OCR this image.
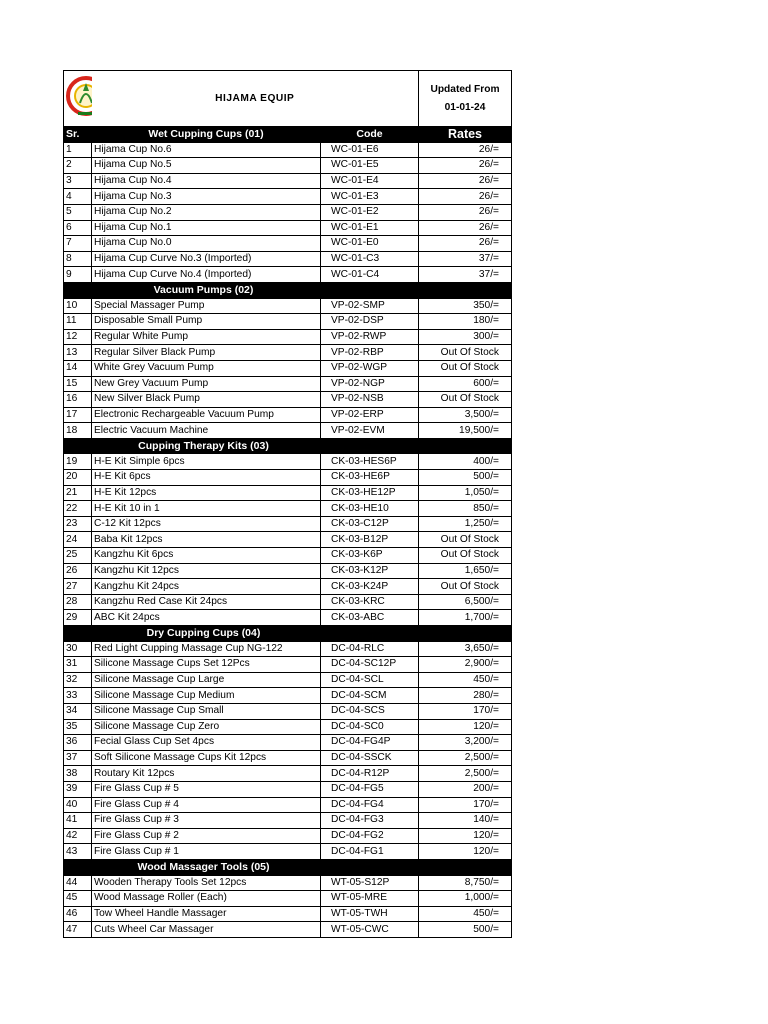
	HIJAMA EQUIP		Updated From
01-01-24

Sr.	Wet Cupping Cups (01)	Code	Rates
1	Hijama Cup No.6	WC-01-E6	26/=
2	Hijama Cup No.5	WC-01-E5	26/=
3	Hijama Cup No.4	WC-01-E4	26/=
4	Hijama Cup No.3	WC-01-E3	26/=
5	Hijama Cup No.2	WC-01-E2	26/=
6	Hijama Cup No.1	WC-01-E1	26/=
7	Hijama Cup No.0	WC-01-E0	26/=
8	Hijama Cup Curve No.3 (Imported)	WC-01-C3	37/=
9	Hijama Cup Curve No.4 (Imported)	WC-01-C4	37/=
Vacuum Pumps (02)			
10	Special Massager Pump	VP-02-SMP	350/=
11	Disposable Small Pump	VP-02-DSP	180/=
12	Regular White Pump	VP-02-RWP	300/=
13	Regular Silver Black Pump	VP-02-RBP	Out Of Stock
14	White Grey Vacuum Pump	VP-02-WGP	Out Of Stock
15	New Grey Vacuum Pump	VP-02-NGP	600/=
16	New Silver Black Pump	VP-02-NSB	Out Of Stock
17	Electronic Rechargeable Vacuum Pump	VP-02-ERP	3,500/=
18	Electric Vacuum Machine	VP-02-EVM	19,500/=
Cupping Therapy Kits (03)			
19	H-E Kit Simple 6pcs	CK-03-HES6P	400/=
20	H-E Kit 6pcs	CK-03-HE6P	500/=
21	H-E Kit 12pcs	CK-03-HE12P	1,050/=
22	H-E Kit 10 in 1	CK-03-HE10	850/=
23	C-12 Kit 12pcs	CK-03-C12P	1,250/=
24	Baba Kit 12pcs	CK-03-B12P	Out Of Stock
25	Kangzhu Kit 6pcs	CK-03-K6P	Out Of Stock
26	Kangzhu Kit 12pcs	CK-03-K12P	1,650/=
27	Kangzhu Kit 24pcs	CK-03-K24P	Out Of Stock
28	Kangzhu Red Case Kit 24pcs	CK-03-KRC	6,500/=
29	ABC Kit 24pcs	CK-03-ABC	1,700/=
Dry Cupping Cups (04)			
30	Red Light Cupping Massage Cup NG-122	DC-04-RLC	3,650/=
31	Silicone Massage Cups Set 12Pcs	DC-04-SC12P	2,900/=
32	Silicone Massage Cup Large	DC-04-SCL	450/=
33	Silicone Massage Cup Medium	DC-04-SCM	280/=
34	Silicone Massage Cup Small	DC-04-SCS	170/=
35	Silicone Massage Cup Zero	DC-04-SC0	120/=
36	Fecial Glass Cup Set 4pcs	DC-04-FG4P	3,200/=
37	Soft Silicone Massage Cups Kit 12pcs	DC-04-SSCK	2,500/=
38	Routary Kit 12pcs	DC-04-R12P	2,500/=
39	Fire Glass Cup # 5	DC-04-FG5	200/=
40	Fire Glass Cup # 4	DC-04-FG4	170/=
41	Fire Glass Cup # 3	DC-04-FG3	140/=
42	Fire Glass Cup # 2	DC-04-FG2	120/=
43	Fire Glass Cup # 1	DC-04-FG1	120/=
Wood Massager Tools (05)			
44	Wooden Therapy Tools Set 12pcs	WT-05-S12P	8,750/=
45	Wood Massage Roller (Each)	WT-05-MRE	1,000/=
46	Tow Wheel Handle Massager	WT-05-TWH	450/=
47	Cuts Wheel Car Massager	WT-05-CWC	500/=
